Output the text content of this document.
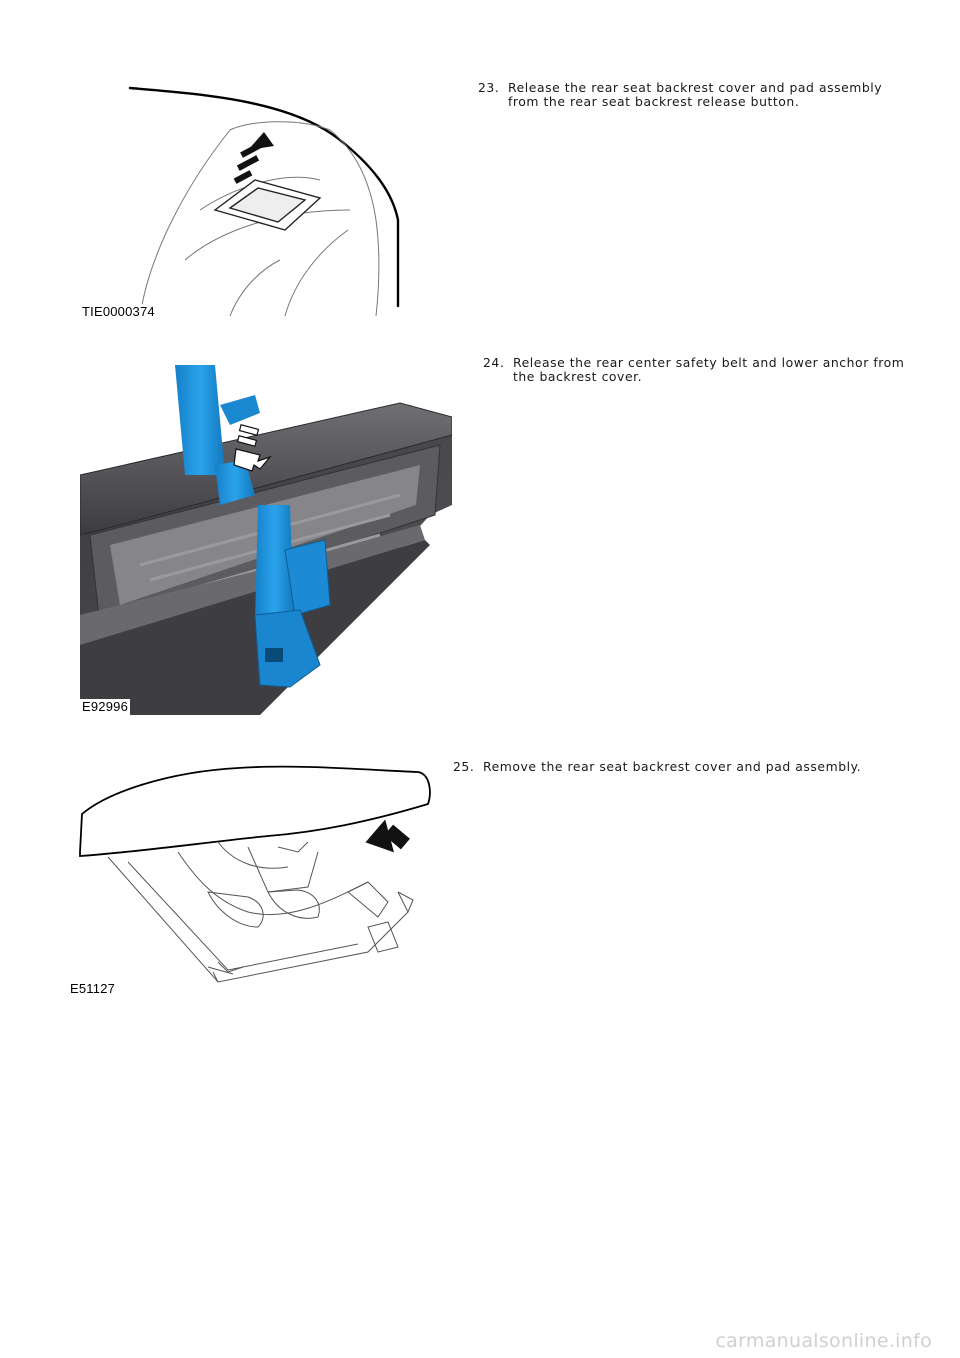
TIE0000374
23. Release the rear seat backrest cover and pad assembly from the rear seat backrest release button.
E92996
24. Release the rear center safety belt and lower anchor from the backrest cover.
E51127
25. Remove the rear seat backrest cover and pad assembly.
carmanualsonline.info
